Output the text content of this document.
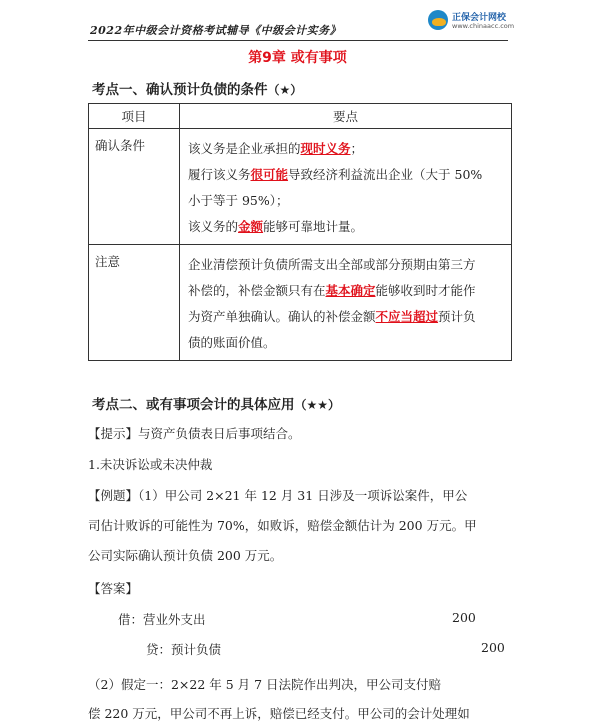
2022年中级会计资格考试辅导《中级会计实务》
正保会计网校
www.chinaacc.com
第9章 或有事项
考点一、确认预计负债的条件（★）
项目	要点
确认条件	该义务是企业承担的现时义务；
履行该义务很可能导致经济利益流出企业（大于 50%
小于等于 95%）；
该义务的金额能够可靠地计量。

注意	企业清偿预计负债所需支出全部或部分预期由第三方
补偿的，补偿金额只有在基本确定能够收到时才能作
为资产单独确认。确认的补偿金额不应当超过预计负
债的账面价值。
考点二、或有事项会计的具体应用（★★）
【提示】与资产负债表日后事项结合。
1.未决诉讼或未决仲裁
【例题】（1）甲公司 2×21 年 12 月 31 日涉及一项诉讼案件，甲公
司估计败诉的可能性为 70%，如败诉，赔偿金额估计为 200 万元。甲
公司实际确认预计负债 200 万元。
【答案】
借：营业外支出	200
贷：预计负债	200
（2）假定一：2×22 年 5 月 7 日法院作出判决，甲公司支付赔
偿 220 万元，甲公司不再上诉，赔偿已经支付。甲公司的会计处理如
